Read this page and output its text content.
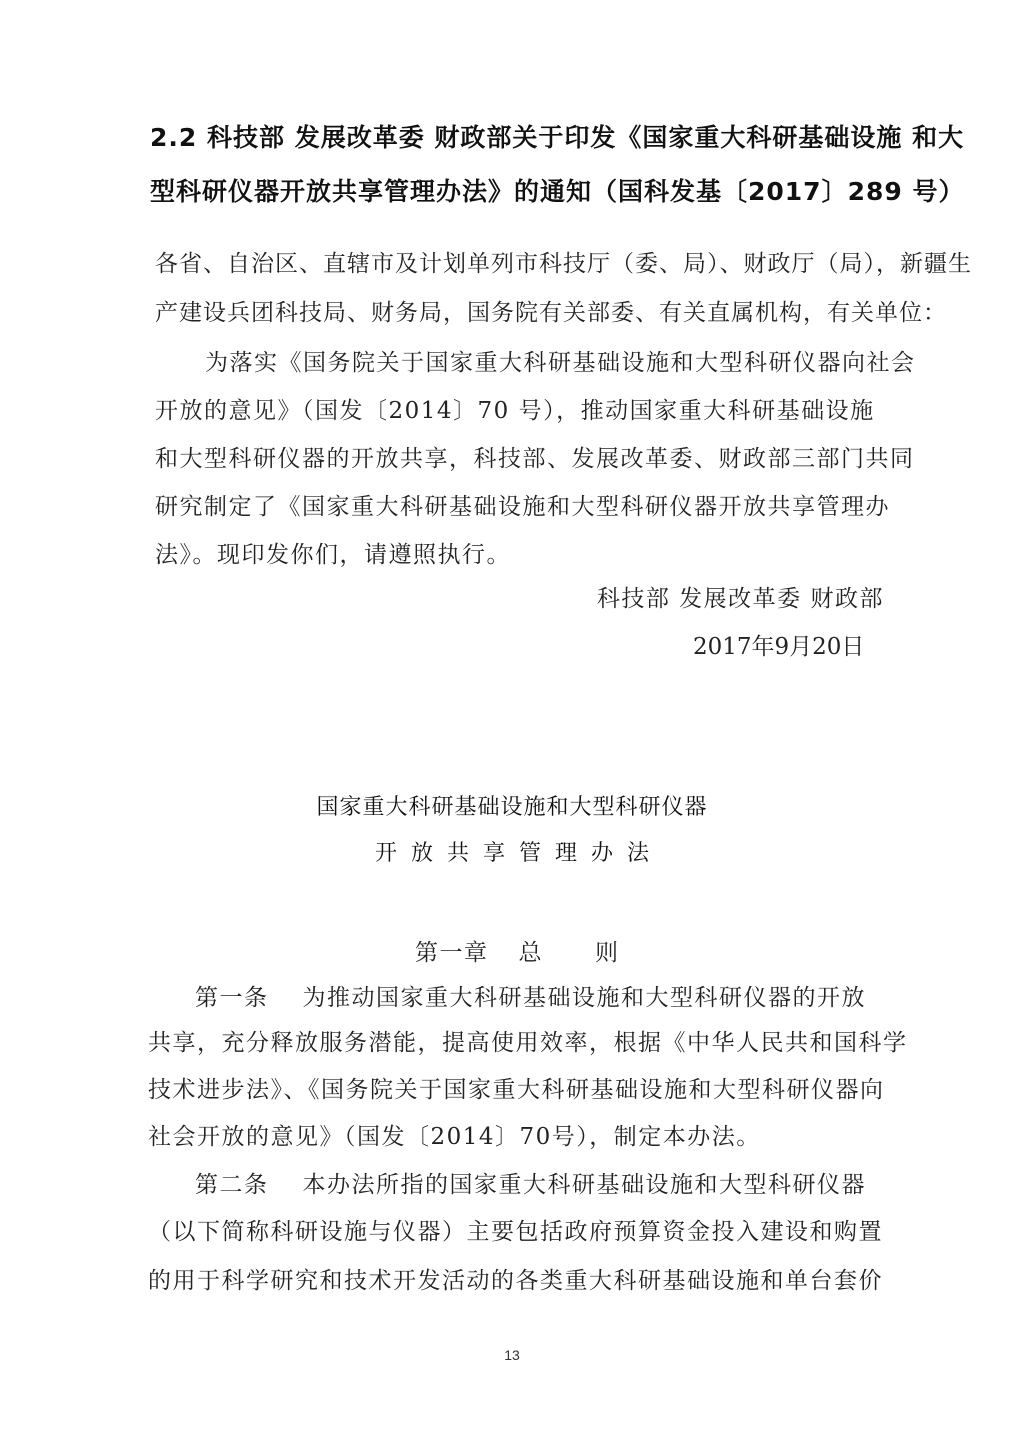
2.2 科技部 发展改革委 财政部关于印发《国家重大科研基础设施 和大
型科研仪器开放共享管理办法》的通知（国科发基〔2017〕289 号）
各省、自治区、直辖市及计划单列市科技厅（委、局）、财政厅（局），新疆生
产建设兵团科技局、财务局，国务院有关部委、有关直属机构，有关单位：
为落实《国务院关于国家重大科研基础设施和大型科研仪器向社会
开放的意见》（国发〔2014〕70 号），推动国家重大科研基础设施
和大型科研仪器的开放共享，科技部、发展改革委、财政部三部门共同
研究制定了《国家重大科研基础设施和大型科研仪器开放共享管理办
法》。现印发你们，请遵照执行。
科技部 发展改革委 财政部
2017年9月20日
国家重大科研基础设施和大型科研仪器
开放共享管理办法
第一章 总 则
第一条 为推动国家重大科研基础设施和大型科研仪器的开放
共享，充分释放服务潜能，提高使用效率，根据《中华人民共和国科学
技术进步法》、《国务院关于国家重大科研基础设施和大型科研仪器向
社会开放的意见》（国发〔2014〕70号），制定本办法。
第二条 本办法所指的国家重大科研基础设施和大型科研仪器
（以下简称科研设施与仪器）主要包括政府预算资金投入建设和购置
的用于科学研究和技术开发活动的各类重大科研基础设施和单台套价
13
